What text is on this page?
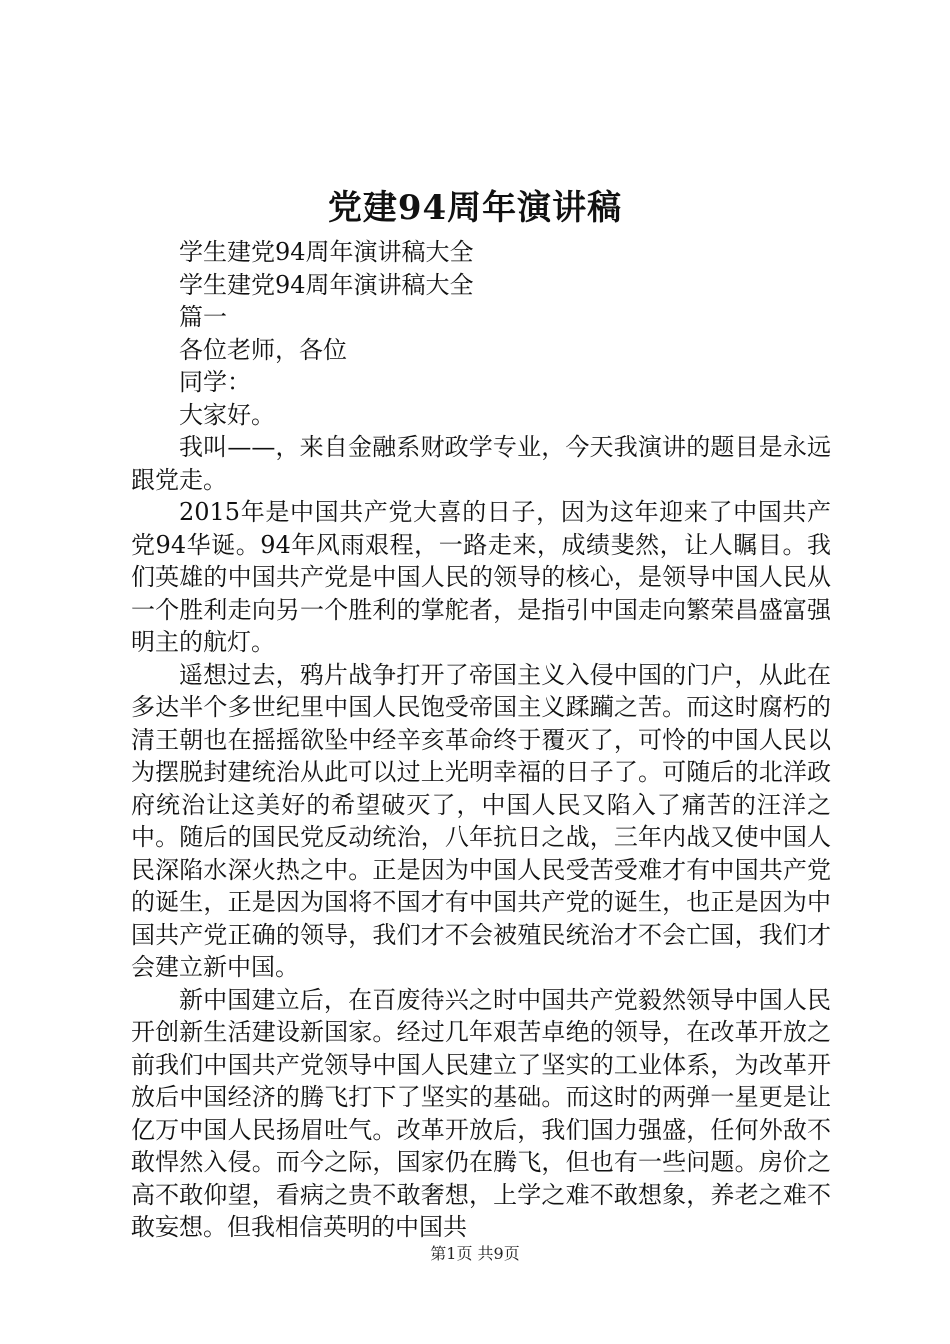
党建94周年演讲稿

学生建党94周年演讲稿大全

学生建党94周年演讲稿大全

篇一

各位老师，各位

同学：

大家好。

我叫——，来自金融系财政学专业，今天我演讲的题目是永远跟党走。

2015年是中国共产党大喜的日子，因为这年迎来了中国共产党94华诞。94年风雨艰程，一路走来，成绩斐然，让人瞩目。我们英雄的中国共产党是中国人民的领导的核心，是领导中国人民从一个胜利走向另一个胜利的掌舵者，是指引中国走向繁荣昌盛富强明主的航灯。

遥想过去，鸦片战争打开了帝国主义入侵中国的门户，从此在多达半个多世纪里中国人民饱受帝国主义蹂躏之苦。而这时腐朽的清王朝也在摇摇欲坠中经辛亥革命终于覆灭了，可怜的中国人民以为摆脱封建统治从此可以过上光明幸福的日子了。可随后的北洋政府统治让这美好的希望破灭了，中国人民又陷入了痛苦的汪洋之中。随后的国民党反动统治，八年抗日之战，三年内战又使中国人民深陷水深火热之中。正是因为中国人民受苦受难才有中国共产党的诞生，正是因为国将不国才有中国共产党的诞生，也正是因为中国共产党正确的领导，我们才不会被殖民统治才不会亡国，我们才会建立新中国。

新中国建立后，在百废待兴之时中国共产党毅然领导中国人民开创新生活建设新国家。经过几年艰苦卓绝的领导，在改革开放之前我们中国共产党领导中国人民建立了坚实的工业体系，为改革开放后中国经济的腾飞打下了坚实的基础。而这时的两弹一星更是让亿万中国人民扬眉吐气。改革开放后，我们国力强盛，任何外敌不敢悍然入侵。而今之际，国家仍在腾飞，但也有一些问题。房价之高不敢仰望，看病之贵不敢奢想，上学之难不敢想象，养老之难不敢妄想。但我相信英明的中国共

第1页 共9页
